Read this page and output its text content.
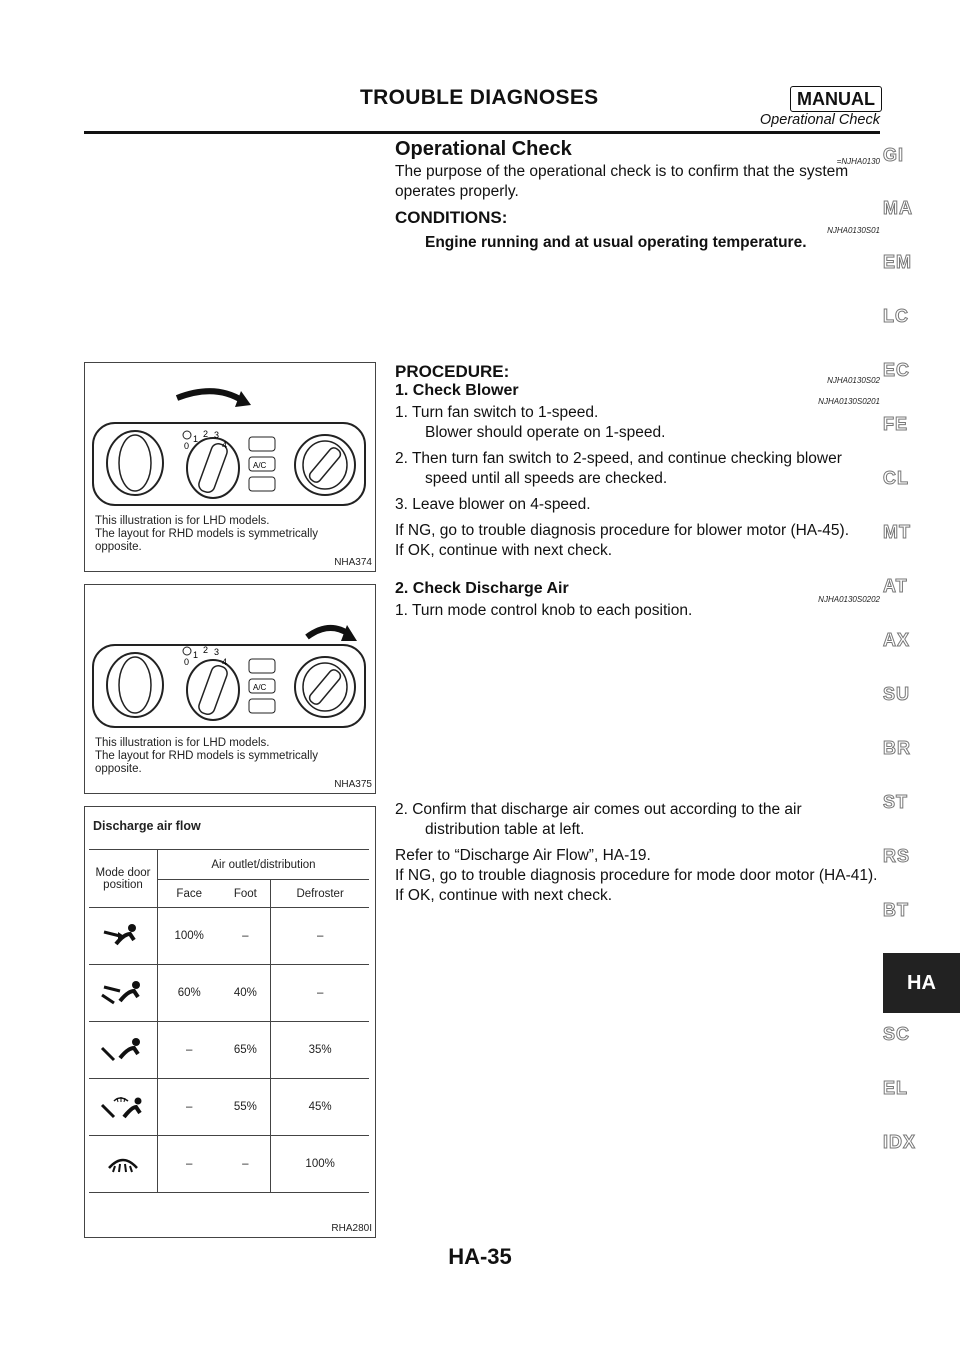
TROUBLE DIAGNOSES	MANUAL
Operational Check
Operational Check
=NJHA0130
The purpose of the operational check is to confirm that the system operates properly.
CONDITIONS:
NJHA0130S01
Engine running and at usual operating temperature.
PROCEDURE:	NJHA0130S02
1. Check Blower
NJHA0130S0201
1. Turn fan switch to 1-speed.
Blower should operate on 1-speed.
2. Then turn fan switch to 2-speed, and continue checking blower speed until all speeds are checked.
3. Leave blower on 4-speed.
If NG, go to trouble diagnosis procedure for blower motor (HA-45).
If OK, continue with next check.
2. Check Discharge Air
NJHA0130S0202
1. Turn mode control knob to each position.
2. Confirm that discharge air comes out according to the air distribution table at left.
Refer to “Discharge Air Flow”, HA-19.
If NG, go to trouble diagnosis procedure for mode door motor (HA-41).
If OK, continue with next check.
0
1 2 3
4
A/C
This illustration is for LHD models.
The layout for RHD models is symmetrically
opposite.
NHA374
0
1 2 3
4
A/C
This illustration is for LHD models.
The layout for RHD models is symmetrically
opposite.
NHA375
Discharge air flow
Mode door position	Air outlet/distribution		
	Face	Foot	Defroster
	100%	–	–
	60%	40%	–
	–	65%	35%
	–	55%	45%
	–	–	100%
RHA280I
GI
MA
EM
LC
EC
FE
CL
MT
AT
AX
SU
BR
ST
RS
BT
HA
SC
EL
IDX
HA-35
